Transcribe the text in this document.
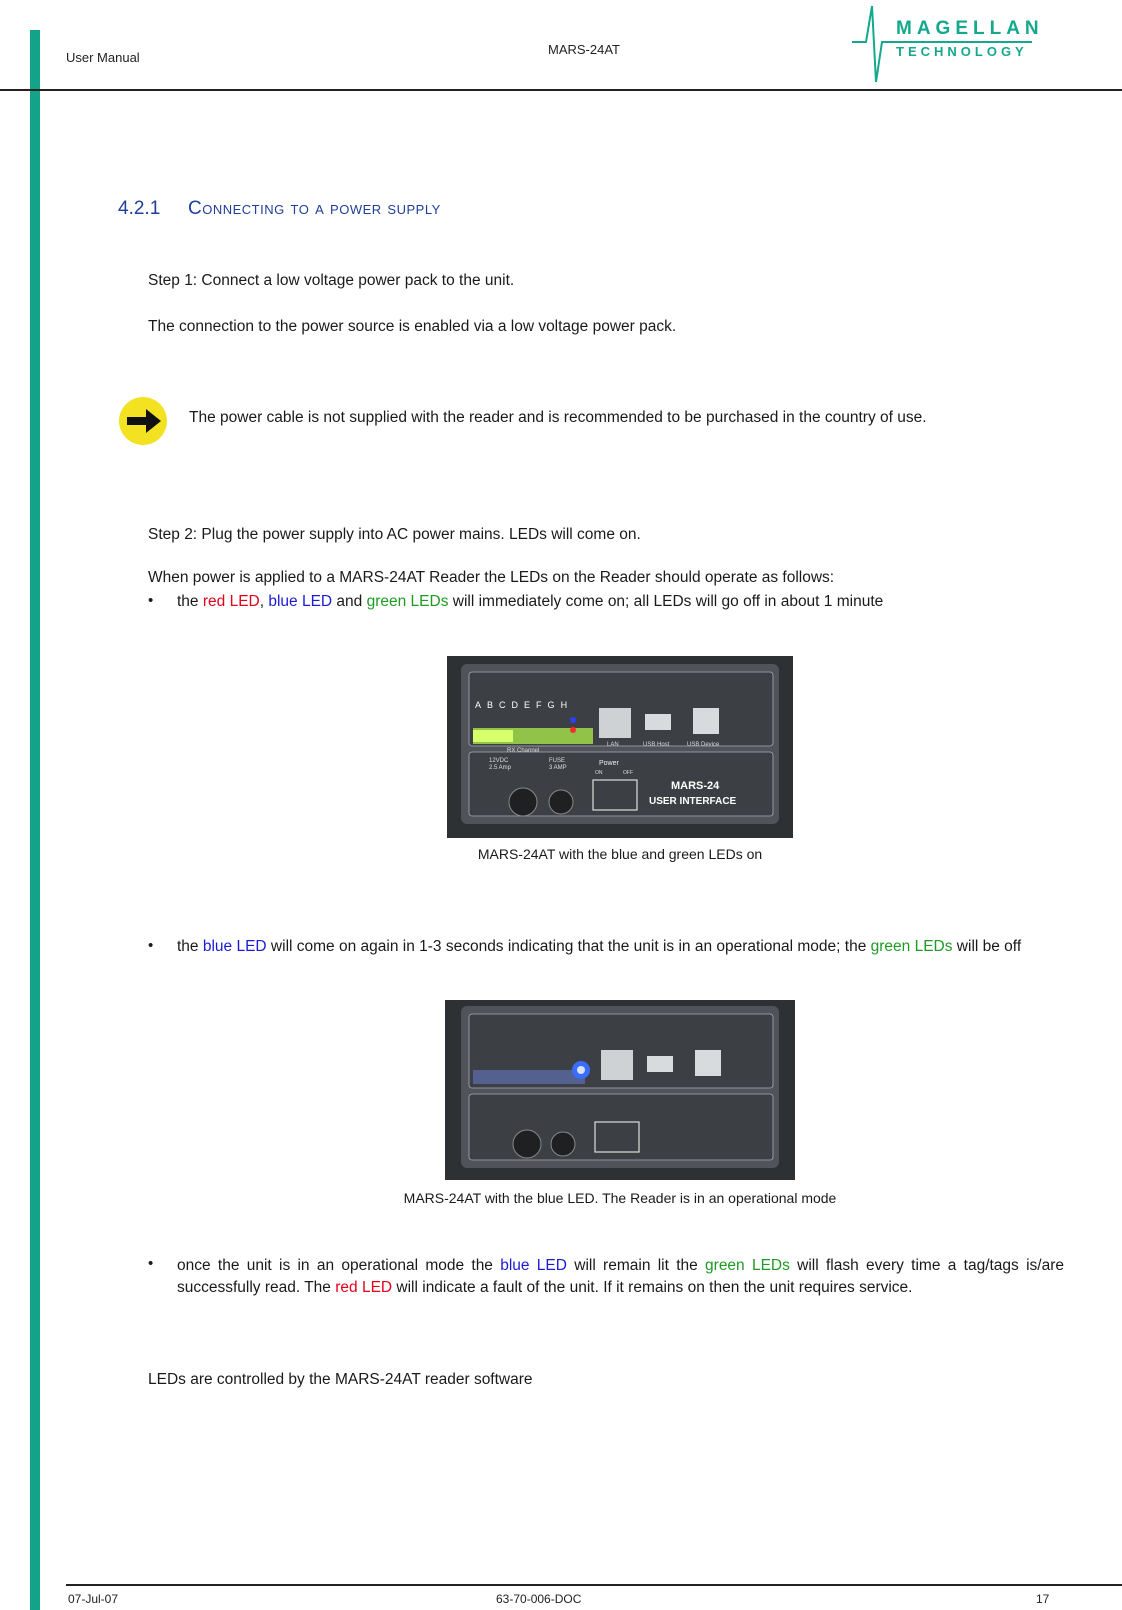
User Manual
MARS-24AT
MAGELLAN
TECHNOLOGY
4.2.1 Connecting to a power supply
Step 1: Connect a low voltage power pack to the unit.
The connection to the power source is enabled via a low voltage power pack.
The power cable is not supplied with the reader and is recommended to be purchased in the country of use.
Step 2: Plug the power supply into AC power mains. LEDs will come on.
When power is applied to a MARS-24AT Reader the LEDs on the Reader should operate as follows:
• the red LED, blue LED and green LEDs will immediately come on; all LEDs will go off in about 1 minute
ABCDEFGH
RX Channel
LAN	USB Host	USB Device
12VDC
2.5 Amp
FUSE
3 AMP
Power
ON	OFF
MARS-24
USER INTERFACE
MARS-24AT with the blue and green LEDs on
• the blue LED will come on again in 1-3 seconds indicating that the unit is in an operational mode; the green LEDs will be off
MARS-24AT with the blue LED. The Reader is in an operational mode
• once the unit is in an operational mode the blue LED will remain lit the green LEDs will flash every time a tag/tags is/are successfully read. The red LED will indicate a fault of the unit. If it remains on then the unit requires service.
LEDs are controlled by the MARS-24AT reader software
07-Jul-07	63-70-006-DOC	17
